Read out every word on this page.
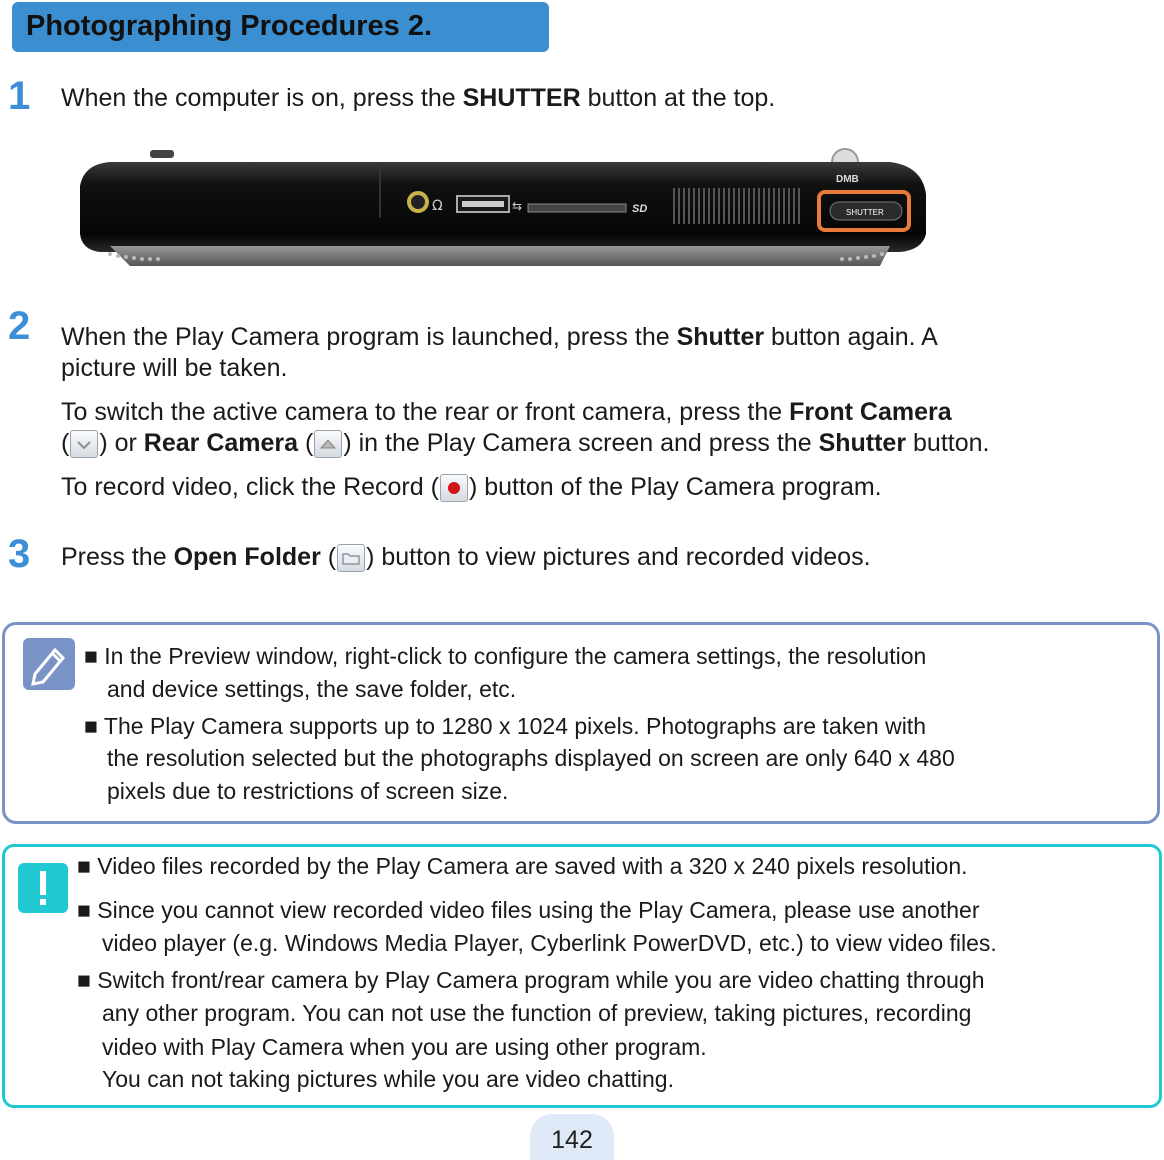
Photographing Procedures 2.
1 When the computer is on, press the SHUTTER button at the top.
Ω	⇆	SD
DMB
SHUTTER
2 When the Play Camera program is launched, press the Shutter button again. A
picture will be taken.
To switch the active camera to the rear or front camera, press the Front Camera
( ) or Rear Camera ( ) in the Play Camera screen and press the Shutter button.
To record video, click the Record ( ) button of the Play Camera program.
3 Press the Open Folder ( ) button to view pictures and recorded videos.
■ In the Preview window, right-click to configure the camera settings, the resolution
and device settings, the save folder, etc.
■ The Play Camera supports up to 1280 x 1024 pixels. Photographs are taken with
the resolution selected but the photographs displayed on screen are only 640 x 480
pixels due to restrictions of screen size.
■ Video files recorded by the Play Camera are saved with a 320 x 240 pixels resolution.
■ Since you cannot view recorded video files using the Play Camera, please use another
video player (e.g. Windows Media Player, Cyberlink PowerDVD, etc.) to view video files.
■ Switch front/rear camera by Play Camera program while you are video chatting through
any other program. You can not use the function of preview, taking pictures, recording
video with Play Camera when you are using other program.
You can not taking pictures while you are video chatting.
142
